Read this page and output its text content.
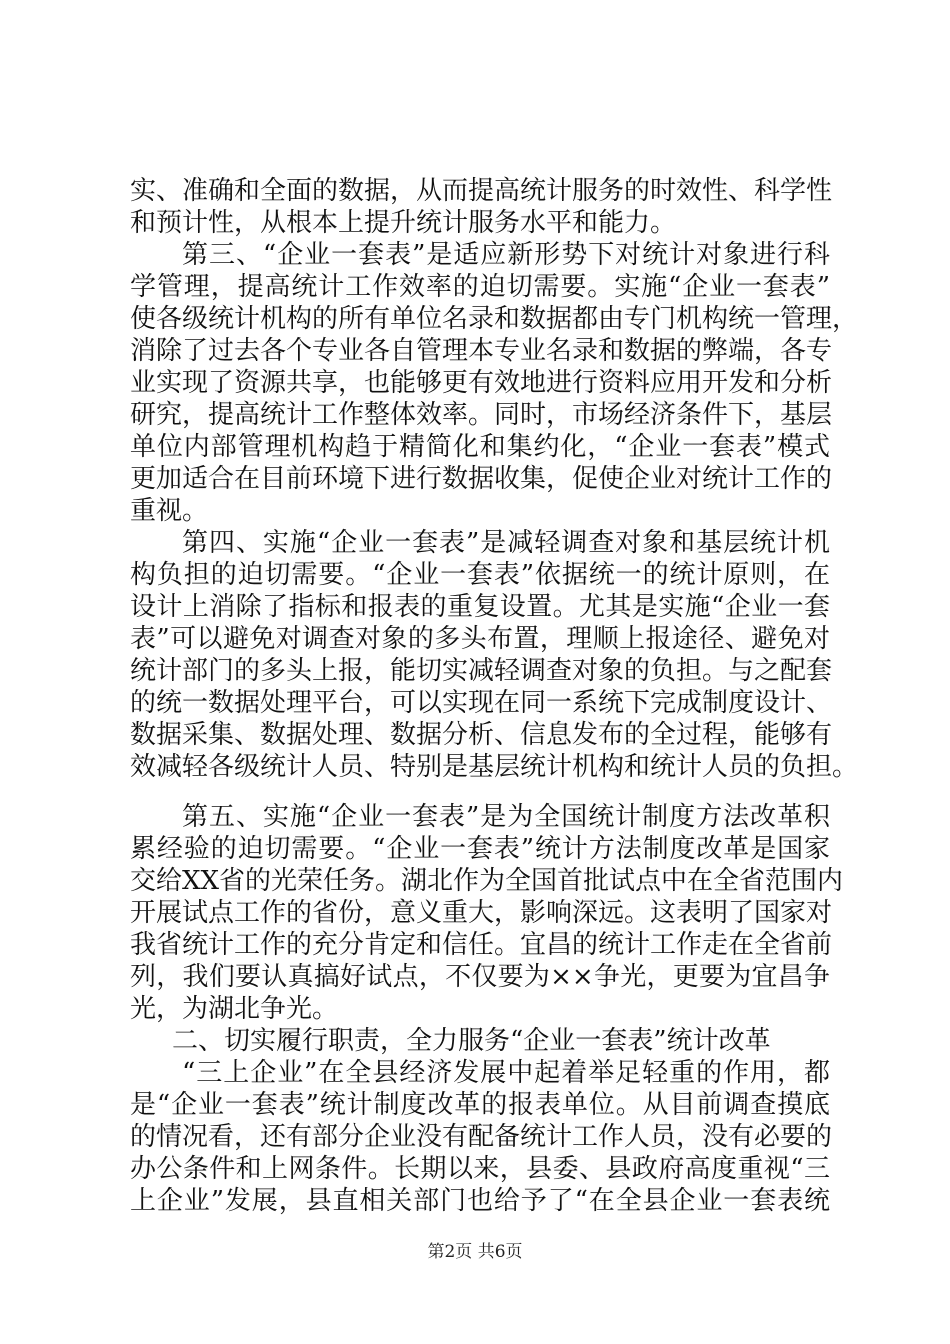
实、准确和全面的数据，从而提高统计服务的时效性、科学性
和预计性，从根本上提升统计服务水平和能力。
第三、“企业一套表”是适应新形势下对统计对象进行科
学管理，提高统计工作效率的迫切需要。实施“企业一套表”
使各级统计机构的所有单位名录和数据都由专门机构统一管理，
消除了过去各个专业各自管理本专业名录和数据的弊端，各专
业实现了资源共享，也能够更有效地进行资料应用开发和分析
研究，提高统计工作整体效率。同时，市场经济条件下，基层
单位内部管理机构趋于精简化和集约化，“企业一套表”模式
更加适合在目前环境下进行数据收集，促使企业对统计工作的
重视。
第四、实施“企业一套表”是减轻调查对象和基层统计机
构负担的迫切需要。“企业一套表”依据统一的统计原则，在
设计上消除了指标和报表的重复设置。尤其是实施“企业一套
表”可以避免对调查对象的多头布置，理顺上报途径、避免对
统计部门的多头上报，能切实减轻调查对象的负担。与之配套
的统一数据处理平台，可以实现在同一系统下完成制度设计、
数据采集、数据处理、数据分析、信息发布的全过程，能够有
效减轻各级统计人员、特别是基层统计机构和统计人员的负担。
第五、实施“企业一套表”是为全国统计制度方法改革积
累经验的迫切需要。“企业一套表”统计方法制度改革是国家
交给XX省的光荣任务。湖北作为全国首批试点中在全省范围内
开展试点工作的省份，意义重大，影响深远。这表明了国家对
我省统计工作的充分肯定和信任。宜昌的统计工作走在全省前
列，我们要认真搞好试点，不仅要为××争光，更要为宜昌争
光，为湖北争光。
二、切实履行职责，全力服务“企业一套表”统计改革
“三上企业”在全县经济发展中起着举足轻重的作用，都
是“企业一套表”统计制度改革的报表单位。从目前调查摸底
的情况看，还有部分企业没有配备统计工作人员，没有必要的
办公条件和上网条件。长期以来，县委、县政府高度重视“三
上企业”发展，县直相关部门也给予了“在全县企业一套表统
第2页 共6页
